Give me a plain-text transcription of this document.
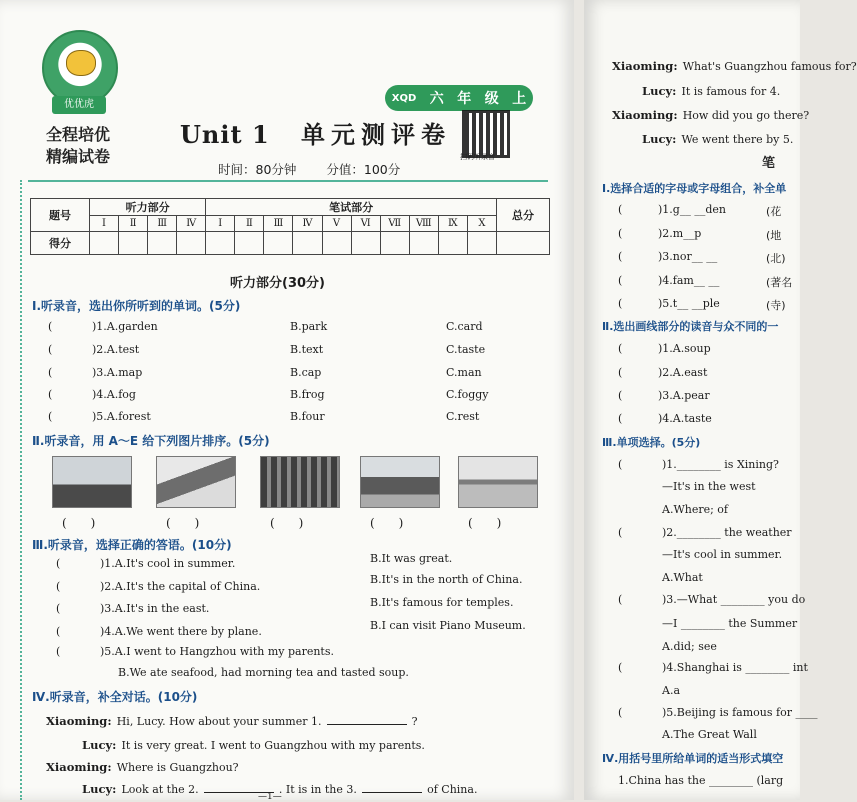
优优虎
全程培优
精编试卷
Unit 1 单元测评卷
XQD 六 年 级 上
扫码听录音
时间：80分钟 分值：100分
题号	听力部分				笔试部分										总分
	Ⅰ	Ⅱ	Ⅲ	Ⅳ	Ⅰ	Ⅱ	Ⅲ	Ⅳ	Ⅴ	Ⅵ	Ⅶ	Ⅷ	Ⅸ	Ⅹ	
得分															
听力部分(30分)
Ⅰ.听录音，选出你所听到的单词。(5分)
(	)1.A.garden	B.park	C.card
(	)2.A.test	B.text	C.taste
(	)3.A.map	B.cap	C.man
(	)4.A.fog	B.frog	C.foggy
(	)5.A.forest	B.four	C.rest
Ⅱ.听录音，用 A～E 给下列图片排序。(5分)
(　　)	(　　)	(　　)	(　　)	(　　)
Ⅲ.听录音，选择正确的答语。(10分)
(	)1.A.It's cool in summer.	B.It was great.
(	)2.A.It's the capital of China.
B.It's in the north of China.
(	)3.A.It's in the east.	B.It's famous for temples.
(	)4.A.We went there by plane.	B.I can visit Piano Museum.
(	)5.A.I went to Hangzhou with my parents.
B.We ate seafood, had morning tea and tasted soup.
Ⅳ.听录音，补全对话。(10分)
Xiaoming: Hi, Lucy. How about your summer 1.	?
Lucy: It is very great. I went to Guangzhou with my parents.
Xiaoming: Where is Guangzhou?
Lucy: Look at the 2.	. It is in the 3.	of China.
—1—
Xiaoming: What's Guangzhou famous for?
Lucy: It is famous for 4.
Xiaoming: How did you go there?
Lucy: We went there by 5.
笔
Ⅰ.选择合适的字母或字母组合，补全单
(	)1.g__ __den	(花
(	)2.m__p	(地
(	)3.nor__ __	(北)
(	)4.fam__ __	(著名
(	)5.t__ __ple	(寺)
Ⅱ.选出画线部分的读音与众不同的一
(	)1.A.soup
(	)2.A.east
(	)3.A.pear
(	)4.A.taste
Ⅲ.单项选择。(5分)
(	)1.________ is Xining?
—It's in the west
A.Where; of
(	)2.________ the weather
—It's cool in summer.
A.What
(	)3.—What ________ you do
—I ________ the Summer
A.did; see
(	)4.Shanghai is ________ int
A.a
(	)5.Beijing is famous for ____
A.The Great Wall
Ⅳ.用括号里所给单词的适当形式填空
1.China has the ________ (larg
